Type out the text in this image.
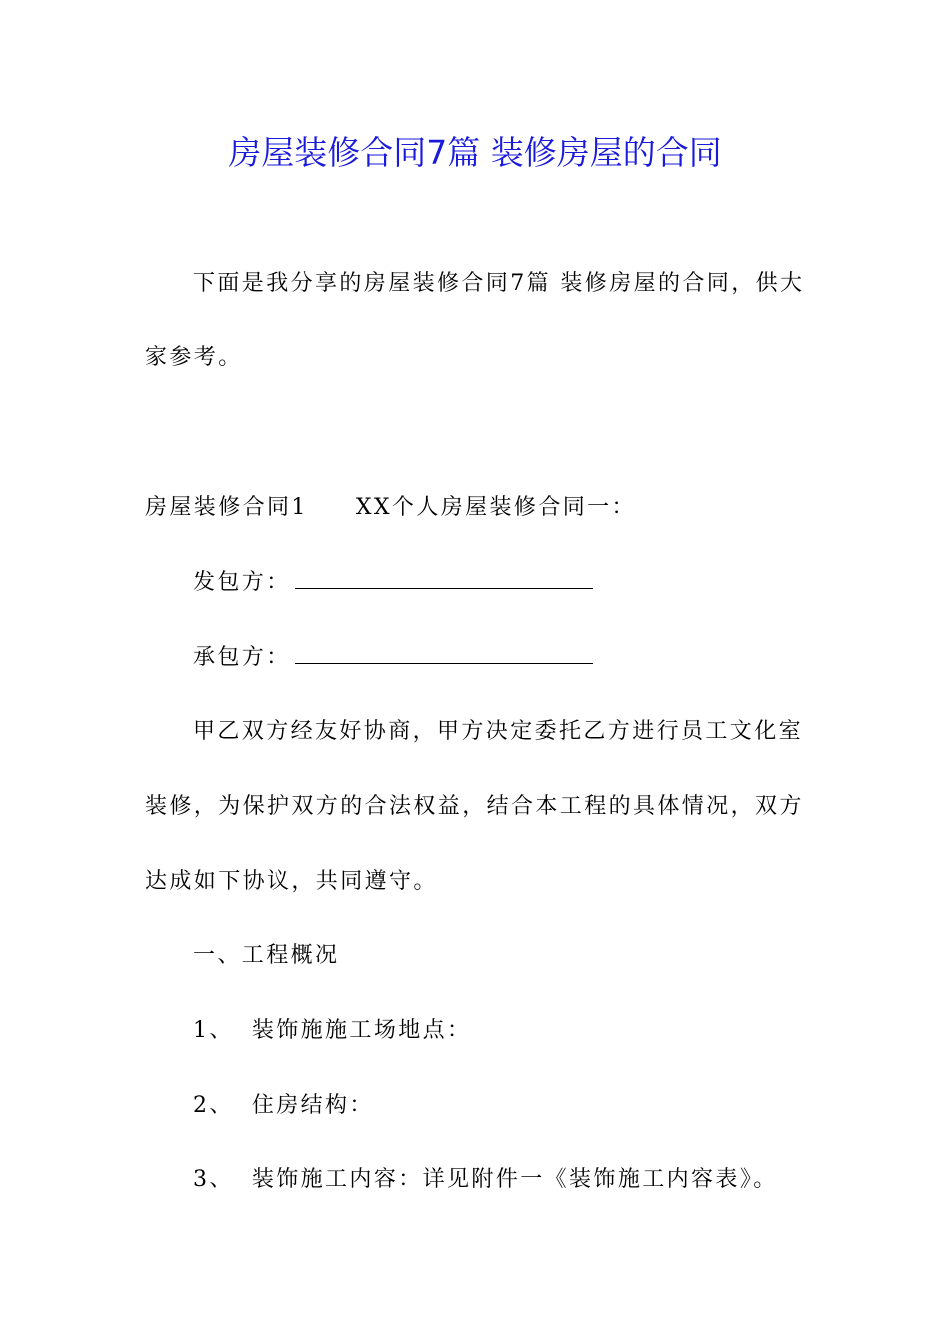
房屋装修合同7篇 装修房屋的合同
下面是我分享的房屋装修合同7篇 装修房屋的合同，供大
家参考。
房屋装修合同1 XX个人房屋装修合同一：
发包方：
承包方：
甲乙双方经友好协商，甲方决定委托乙方进行员工文化室
装修，为保护双方的合法权益，结合本工程的具体情况，双方
达成如下协议，共同遵守。
一、工程概况
1、 装饰施施工场地点：
2、 住房结构：
3、 装饰施工内容：详见附件一《装饰施工内容表》。
